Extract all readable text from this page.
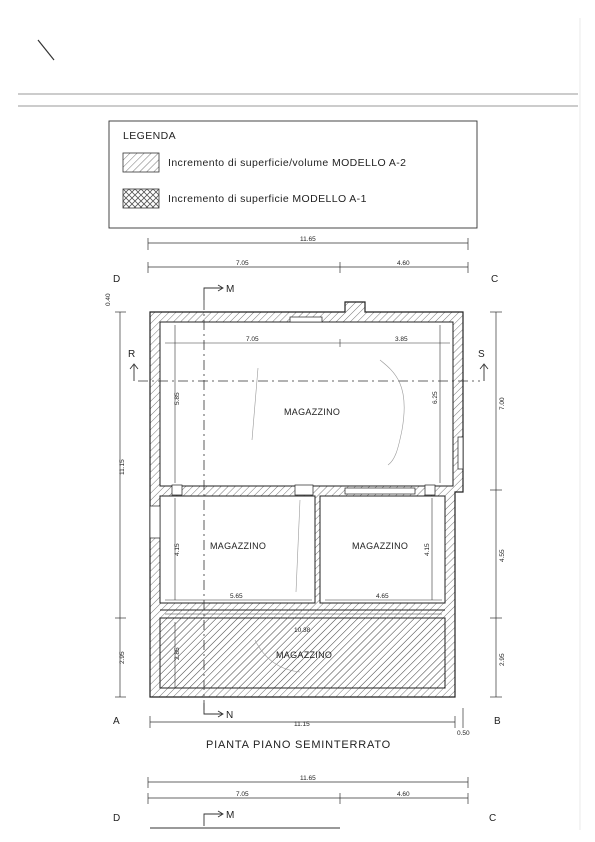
LEGENDA
Incremento di superficie/volume MODELLO A-2
Incremento di superficie MODELLO A-1
11.65
7.05	4.60
D	C
M
0.40
11.15
2.95
7.00
4.55
2.95
R	S
7.05	3.85
5.85	6.25
4.15	4.15
2.85
5.65	4.65
10.38
MAGAZZINO
MAGAZZINO	MAGAZZINO
MAGAZZINO
N
A	B
11.15
0.50
PIANTA PIANO SEMINTERRATO
11.65
7.05	4.60
D	C
M
